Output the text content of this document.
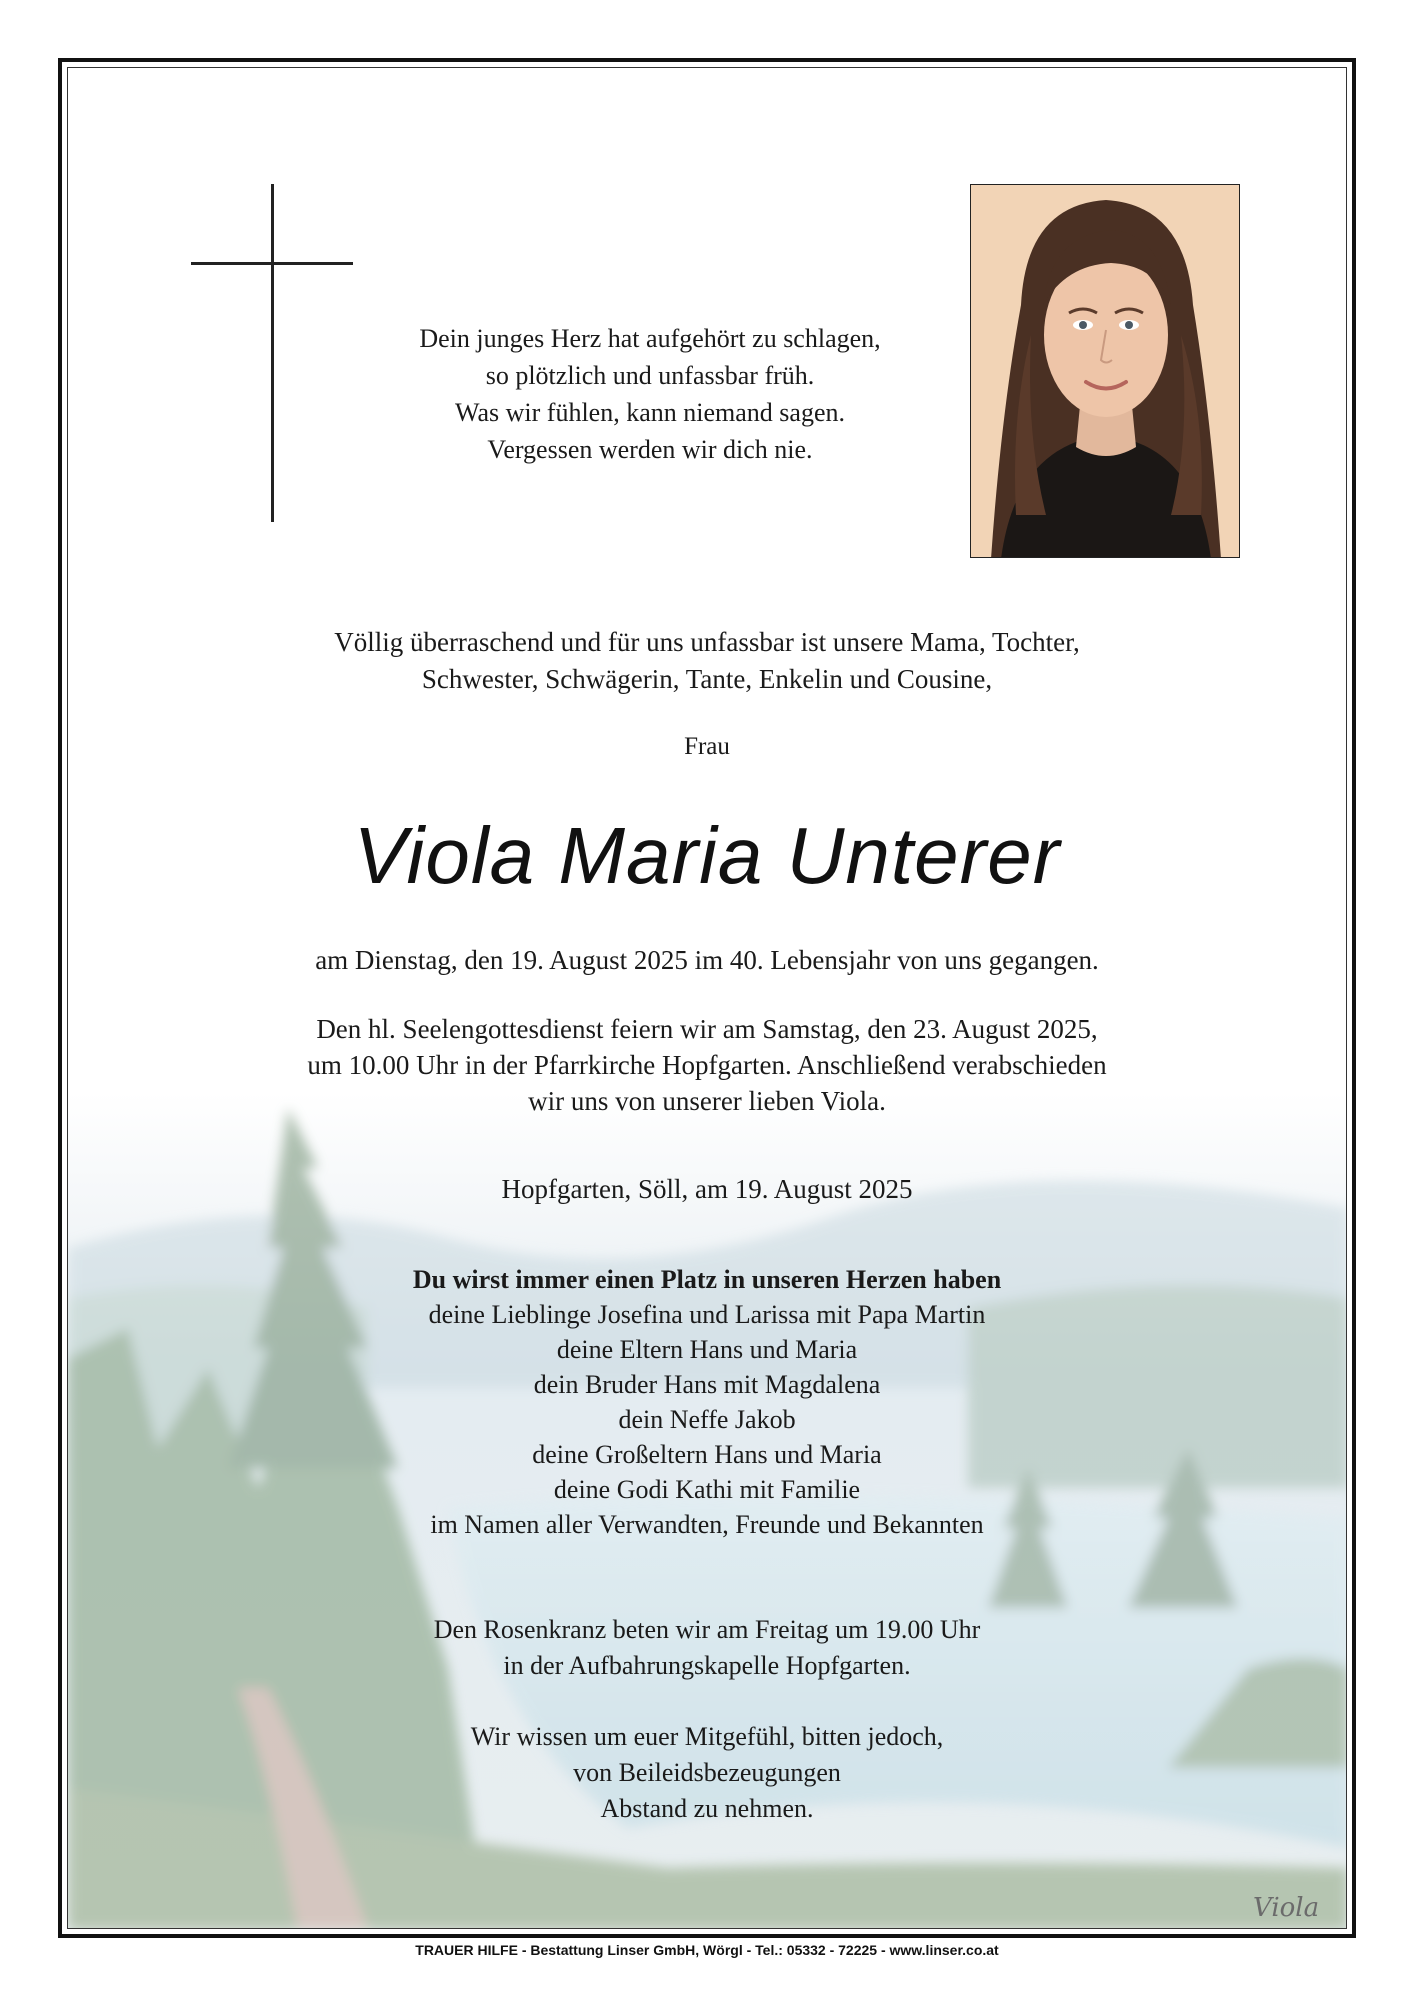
Viola
Dein junges Herz hat aufgehört zu schlagen,
so plötzlich und unfassbar früh.
Was wir fühlen, kann niemand sagen.
Vergessen werden wir dich nie.
Völlig überraschend und für uns unfassbar ist unsere Mama, Tochter,
Schwester, Schwägerin, Tante, Enkelin und Cousine,
Frau
Viola Maria Unterer
am Dienstag, den 19. August 2025 im 40. Lebensjahr von uns gegangen.
Den hl. Seelengottesdienst feiern wir am Samstag, den 23. August 2025,
um 10.00 Uhr in der Pfarrkirche Hopfgarten. Anschließend verabschieden
wir uns von unserer lieben Viola.
Hopfgarten, Söll, am 19. August 2025
Du wirst immer einen Platz in unseren Herzen haben
deine Lieblinge Josefina und Larissa mit Papa Martin
deine Eltern Hans und Maria
dein Bruder Hans mit Magdalena
dein Neffe Jakob
deine Großeltern Hans und Maria
deine Godi Kathi mit Familie
im Namen aller Verwandten, Freunde und Bekannten
Den Rosenkranz beten wir am Freitag um 19.00 Uhr
in der Aufbahrungskapelle Hopfgarten.
Wir wissen um euer Mitgefühl, bitten jedoch,
von Beileidsbezeugungen
Abstand zu nehmen.
TRAUER HILFE - Bestattung Linser GmbH, Wörgl - Tel.: 05332 - 72225 - www.linser.co.at
